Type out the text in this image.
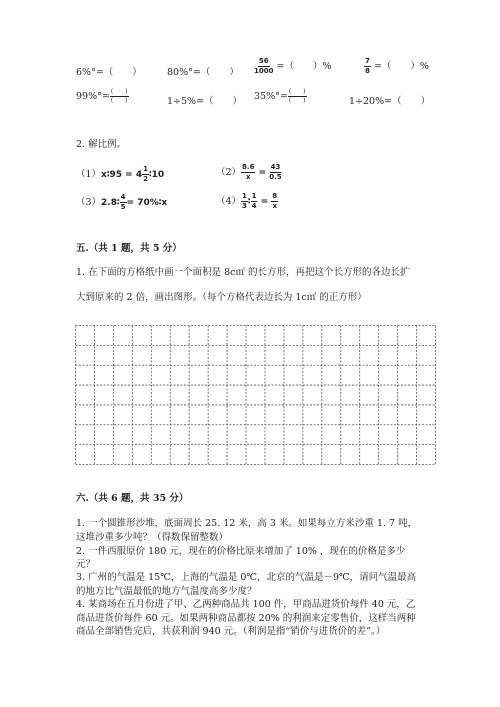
6%°=（　　）	80%°=（　　） $\frac{56}{1000}$ =（　　）%	$\frac{7}{8}$ =（　　）%
$99\%^\circ= \frac{( )}{( )}$	1÷5%=（　　） $35\%^\circ= \frac{( )}{( )}$	1÷20%=（　　）
2. 解比例。
（1）x∶95 = $4 \frac{1}{2}$ ∶10	$(2) \frac{8.6}{x} = \frac{43}{0.5}$
（3）2.8∶ $\frac{4}{5}$ = 70%∶x	$(4) \frac{1}{3}$ ∶ $\frac{1}{4} = \frac{8}{x}$
五.（共 1 题，共 5 分）
1. 在下面的方格纸中画一个面积是 8c㎡ 的长方形，再把这个长方形的各边长扩
大到原来的 2 倍，画出图形。（每个方格代表边长为 1c㎡ 的正方形）
六.（共 6 题，共 35 分）
1. 一个圆锥形沙堆，底面周长 25. 12 米，高 3 米。如果每立方米沙重 1. 7 吨，
这堆沙重多少吨？（得数保留整数）
2. 一件西服原价 180 元，现在的价格比原来增加了 10% ，现在的价格是多少
元？
3. 广州的气温是 15℃，上海的气温是 0℃，北京的气温是－9℃，请问气温最高
的地方比气温最低的地方气温度高多少度？
4. 某商场在五月份进了甲、乙两种商品共 100 件，甲商品进货价每件 40 元，乙
商品进货价每件 60 元。如果两种商品都按 20% 的利润来定零售价，这样当两种
商品全部销售完后，共获利润 940 元。（利润是指“销价与进货价的差”。）
